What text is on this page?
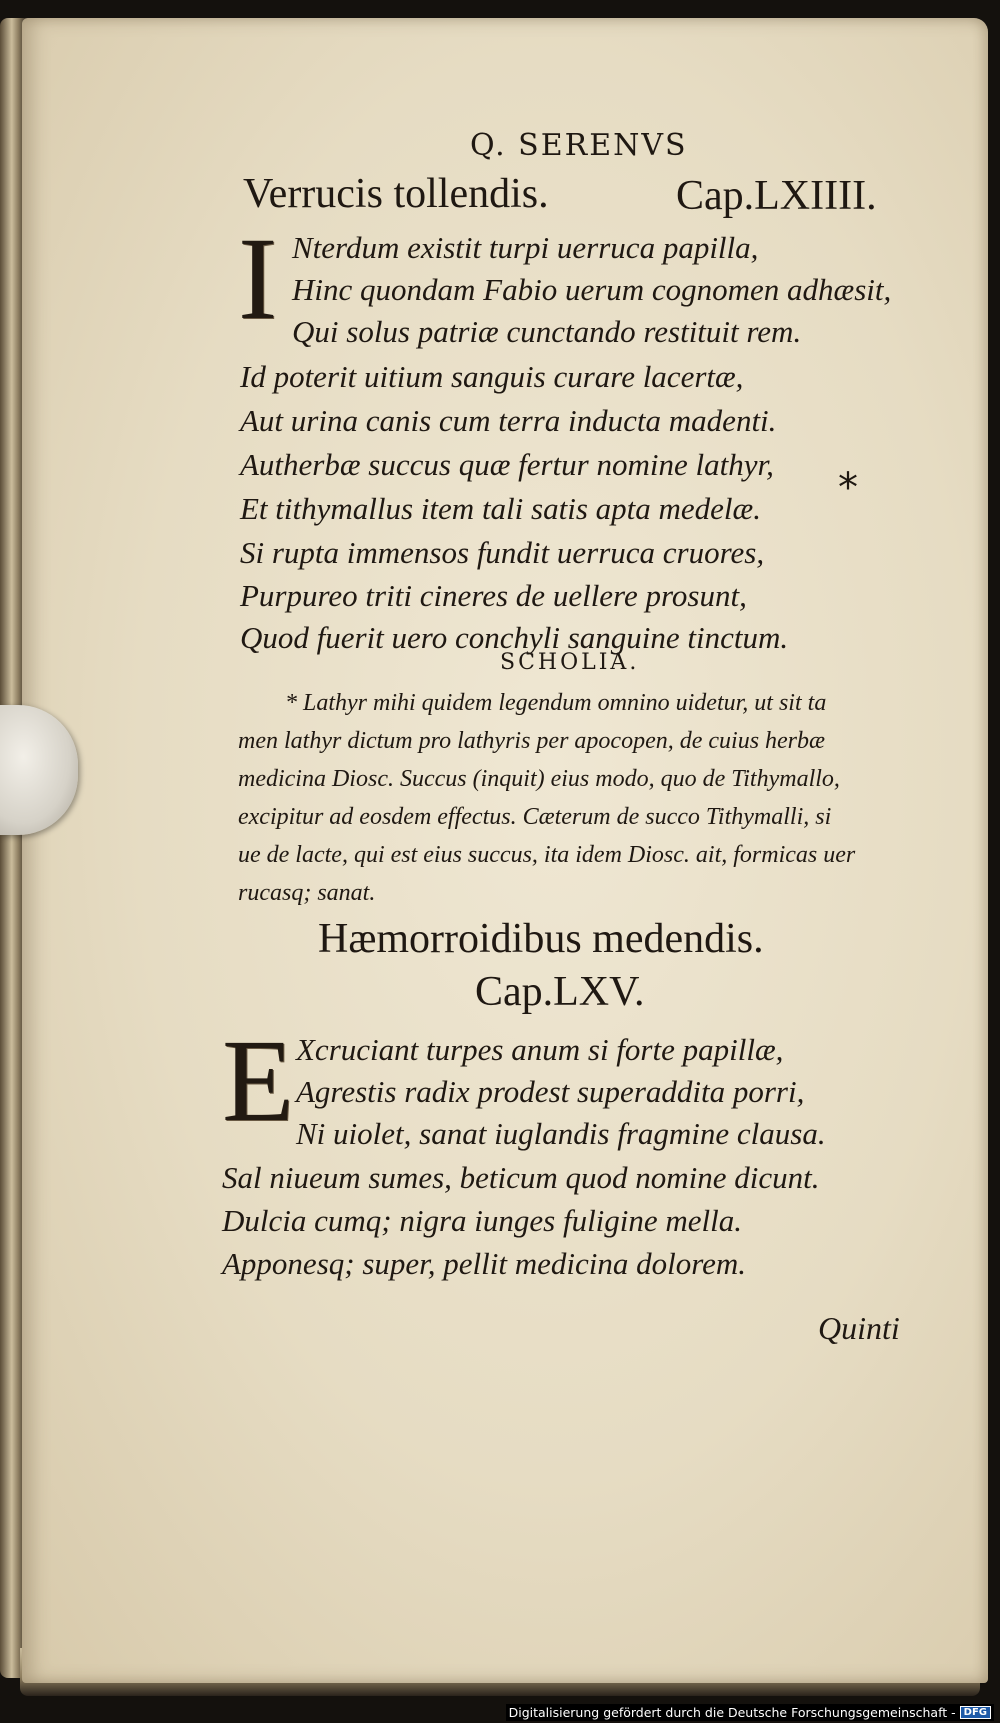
Q. SERENVS
Verrucis tollendis.	Cap.LXIIII.
I Nterdum existit turpi uerruca papilla,
Hinc quondam Fabio uerum cognomen adhæsit,
Qui solus patriæ cunctando restituit rem.
Id poterit uitium sanguis curare lacertæ,
Aut urina canis cum terra inducta madenti.
Autherbæ succus quæ fertur nomine lathyr,
Et tithymallus item tali satis apta medelæ.
Si rupta immensos fundit uerruca cruores,
Purpureo triti cineres de uellere prosunt,
Quod fuerit uero conchyli sanguine tinctum.
*
SCHOLIA.
* Lathyr mihi quidem legendum omnino uidetur, ut sit ta
men lathyr dictum pro lathyris per apocopen, de cuius herbæ
medicina Diosc. Succus (inquit) eius modo, quo de Tithymallo,
excipitur ad eosdem effectus. Cæterum de succo Tithymalli, si
ue de lacte, qui est eius succus, ita idem Diosc. ait, formicas uer
rucasq; sanat.
Hæmorroidibus medendis.
Cap.LXV.
E Xcruciant turpes anum si forte papillæ,
Agrestis radix prodest superaddita porri,
Ni uiolet, sanat iuglandis fragmine clausa.
Sal niueum sumes, beticum quod nomine dicunt.
Dulcia cumq; nigra iunges fuligine mella.
Apponesq; super, pellit medicina dolorem.
Quinti
Digitalisierung gefördert durch die Deutsche Forschungsgemeinschaft - DFG
